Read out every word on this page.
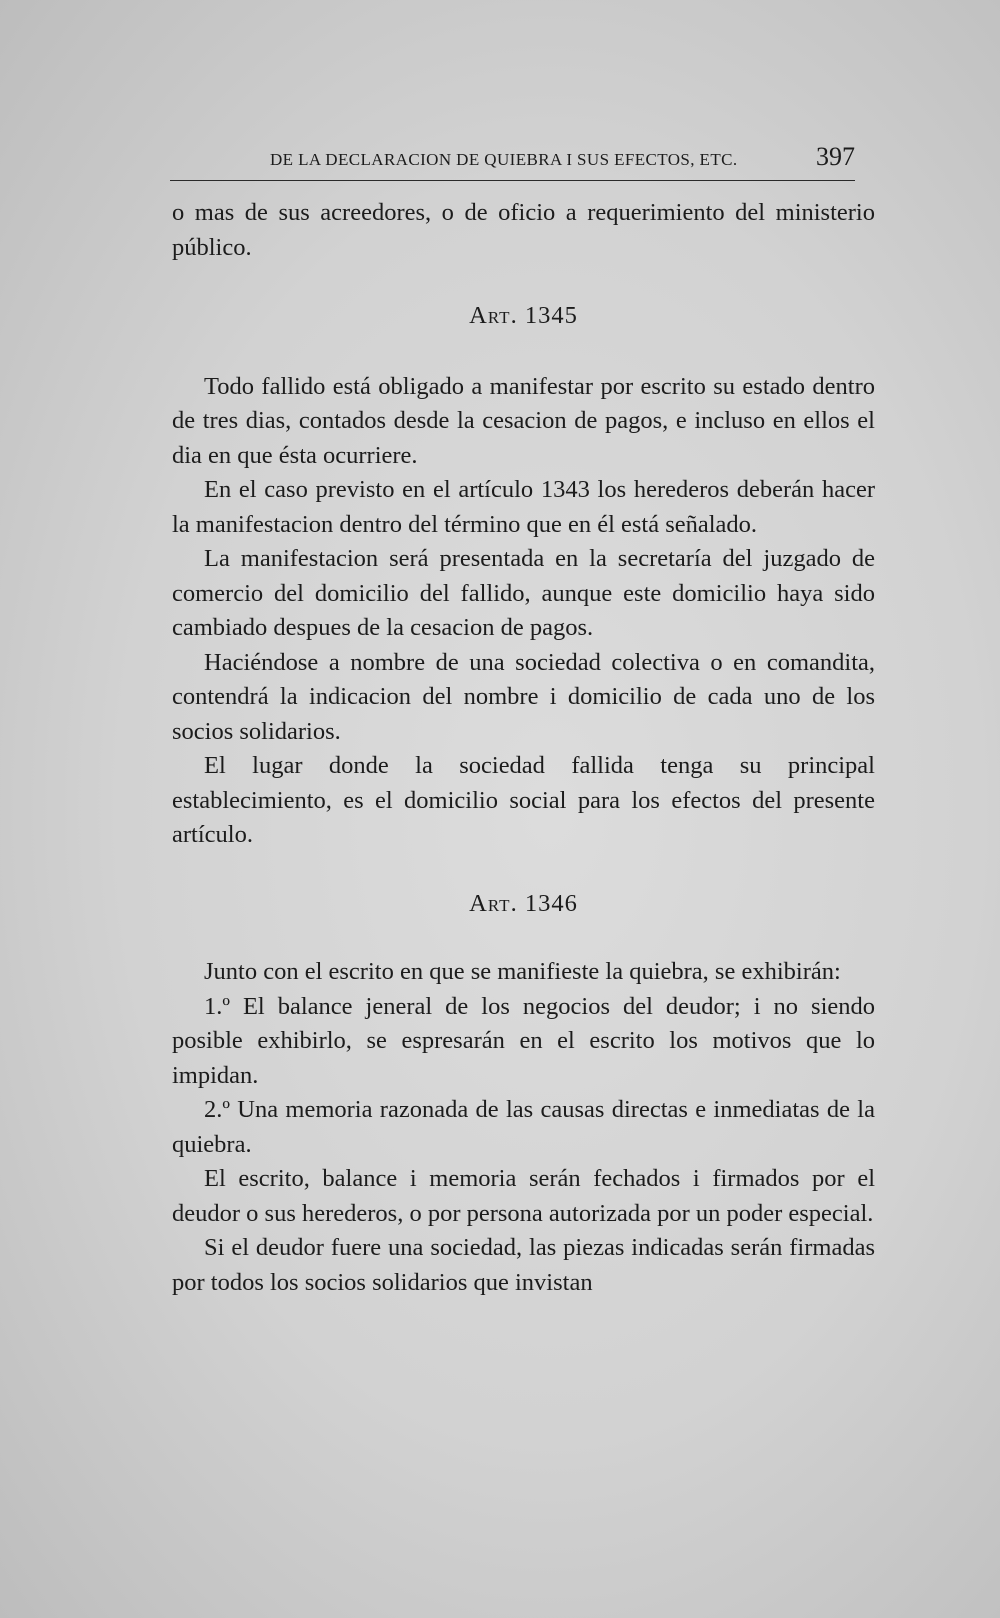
DE LA DECLARACION DE QUIEBRA I SUS EFECTOS, ETC.	397

o mas de sus acreedores, o de oficio a requerimiento del ministerio público.

Art. 1345

Todo fallido está obligado a manifestar por escrito su estado dentro de tres dias, contados desde la cesacion de pagos, e incluso en ellos el dia en que ésta ocurriere.

En el caso previsto en el artículo 1343 los herederos deberán hacer la manifestacion dentro del término que en él está señalado.

La manifestacion será presentada en la secretaría del juzgado de comercio del domicilio del fallido, aunque este domicilio haya sido cambiado despues de la cesacion de pagos.

Haciéndose a nombre de una sociedad colectiva o en comandita, contendrá la indicacion del nombre i domicilio de cada uno de los socios solidarios.

El lugar donde la sociedad fallida tenga su principal establecimiento, es el domicilio social para los efectos del presente artículo.

Art. 1346

Junto con el escrito en que se manifieste la quiebra, se exhibirán:

1.º El balance jeneral de los negocios del deudor; i no siendo posible exhibirlo, se espresarán en el escrito los motivos que lo impidan.

2.º Una memoria razonada de las causas directas e inmediatas de la quiebra.

El escrito, balance i memoria serán fechados i firmados por el deudor o sus herederos, o por persona autorizada por un poder especial.

Si el deudor fuere una sociedad, las piezas indicadas serán firmadas por todos los socios solidarios que invistan
